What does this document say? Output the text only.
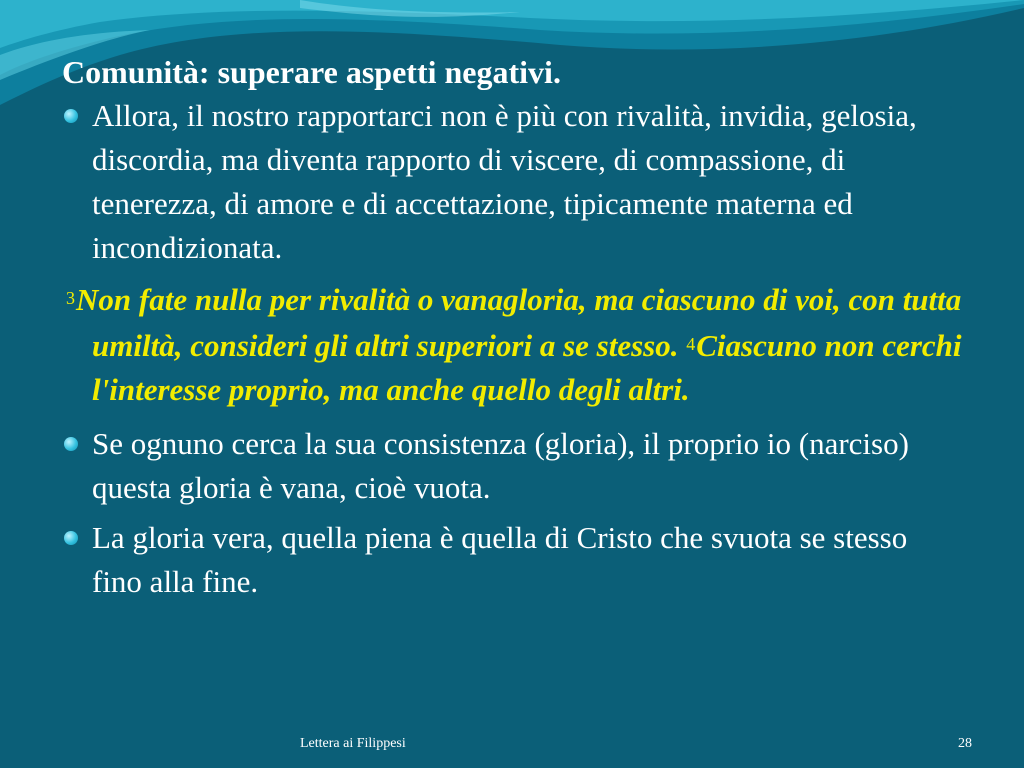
Comunità: superare aspetti negativi.
Allora, il nostro rapportarci non è più con rivalità, invidia, gelosia, discordia, ma diventa rapporto di viscere, di compassione, di tenerezza, di amore e di accettazione, tipicamente materna ed incondizionata.
$^3$Non fate nulla per rivalità o vanagloria, ma ciascuno di voi, con tutta umiltà, consideri gli altri superiori a se stesso. $^4$Ciascuno non cerchi l'interesse proprio, ma anche quello degli altri.
Se ognuno cerca la sua consistenza (gloria), il proprio io (narciso) questa gloria è vana, cioè vuota.
La gloria vera, quella piena è quella di Cristo che svuota se stesso fino alla fine.
Lettera ai Filippesi	28
